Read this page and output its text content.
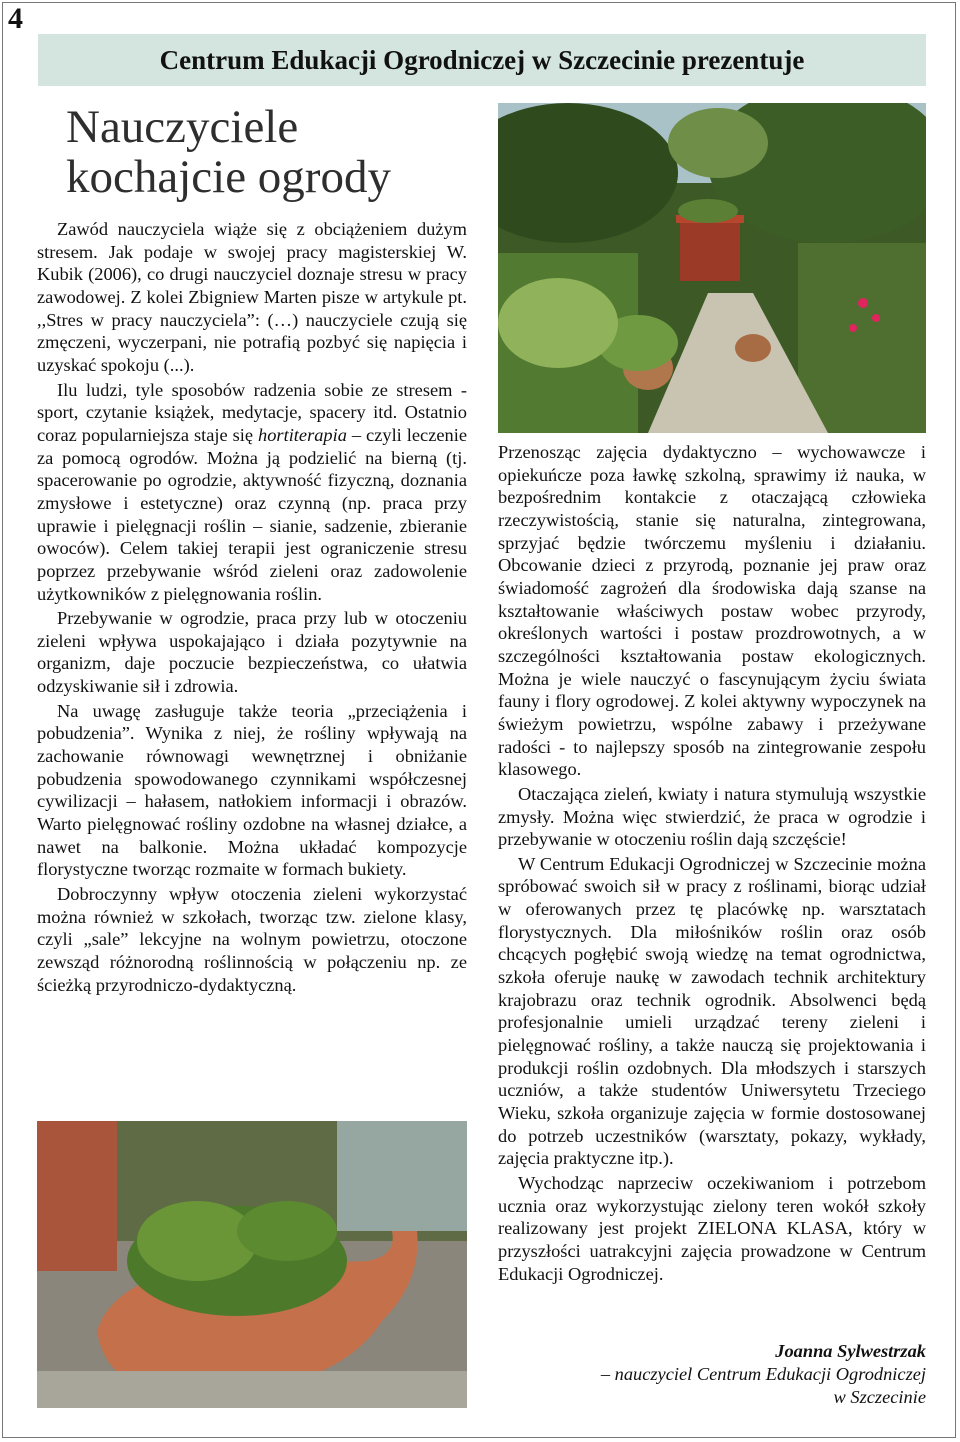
4
Centrum Edukacji Ogrodniczej w Szczecinie prezentuje
Nauczyciele
kochajcie ogrody

Zawód nauczyciela wiąże się z obciążeniem dużym stresem. Jak podaje w swojej pracy magisterskiej W. Kubik (2006), co drugi nauczyciel doznaje stresu w pracy zawodowej. Z kolei Zbigniew Marten pisze w artykule pt. ,,Stres w pracy nauczyciela”: (…) nauczyciele czują się zmęczeni, wyczerpani, nie potrafią pozbyć się napięcia i uzyskać spokoju (...).

Ilu ludzi, tyle sposobów radzenia sobie ze stresem - sport, czytanie książek, medytacje, spacery itd. Ostatnio coraz popularniejsza staje się hortiterapia – czyli leczenie za pomocą ogrodów. Można ją podzielić na bierną (tj. spacerowanie po ogrodzie, aktywność fizyczną, doznania zmysłowe i estetyczne) oraz czynną (np. praca przy uprawie i pielęgnacji roślin – sianie, sadzenie, zbieranie owoców). Celem takiej terapii jest ograniczenie stresu poprzez przebywanie wśród zieleni oraz zadowolenie użytkowników z pielęgnowania roślin.

Przebywanie w ogrodzie, praca przy lub w otoczeniu zieleni wpływa uspokajająco i działa pozytywnie na organizm, daje poczucie bezpieczeństwa, co ułatwia odzyskiwanie sił i zdrowia.

Na uwagę zasługuje także teoria „przeciążenia i pobudzenia”. Wynika z niej, że rośliny wpływają na zachowanie równowagi wewnętrznej i obniżanie pobudzenia spowodowanego czynnikami współczesnej cywilizacji – hałasem, natłokiem informacji i obrazów. Warto pielęgnować rośliny ozdobne na własnej działce, a nawet na balkonie. Można układać kompozycje florystyczne tworząc rozmaite w formach bukiety.

Dobroczynny wpływ otoczenia zieleni wykorzystać można również w szkołach, tworząc tzw. zielone klasy, czyli „sale” lekcyjne na wolnym powietrzu, otoczone zewsząd różnorodną roślinnością w połączeniu np. ze ścieżką przyrodniczo-dydaktyczną.

Przenosząc zajęcia dydaktyczno – wychowawcze i opiekuńcze poza ławkę szkolną, sprawimy iż nauka, w bezpośrednim kontakcie z otaczającą człowieka rzeczywistością, stanie się naturalna, zintegrowana, sprzyjać będzie twórczemu myśleniu i działaniu. Obcowanie dzieci z przyrodą, poznanie jej praw oraz świadomość zagrożeń dla środowiska dają szanse na kształtowanie właściwych postaw wobec przyrody, określonych wartości i postaw prozdrowotnych, a w szczególności kształtowania postaw ekologicznych. Można je wiele nauczyć o fascynującym życiu świata fauny i flory ogrodowej. Z kolei aktywny wypoczynek na świeżym powietrzu, wspólne zabawy i przeżywane radości - to najlepszy sposób na zintegrowanie zespołu klasowego.

Otaczająca zieleń, kwiaty i natura stymulują wszystkie zmysły. Można więc stwierdzić, że praca w ogrodzie i przebywanie w otoczeniu roślin dają szczęście!

W Centrum Edukacji Ogrodniczej w Szczecinie można spróbować swoich sił w pracy z roślinami, biorąc udział w oferowanych przez tę placówkę np. warsztatach florystycznych. Dla miłośników roślin oraz osób chcących pogłębić swoją wiedzę na temat ogrodnictwa, szkoła oferuje naukę w zawodach technik architektury krajobrazu oraz technik ogrodnik. Absolwenci będą profesjonalnie umieli urządzać tereny zieleni i pielęgnować rośliny, a także nauczą się projektowania i produkcji roślin ozdobnych. Dla młodszych i starszych uczniów, a także studentów Uniwersytetu Trzeciego Wieku, szkoła organizuje zajęcia w formie dostosowanej do potrzeb uczestników (warsztaty, pokazy, wykłady, zajęcia praktyczne itp.).

Wychodząc naprzeciw oczekiwaniom i potrzebom ucznia oraz wykorzystując zielony teren wokół szkoły realizowany jest projekt ZIELONA KLASA, który w przyszłości uatrakcyjni zajęcia prowadzone w Centrum Edukacji Ogrodniczej.

Joanna Sylwestrzak
– nauczyciel Centrum Edukacji Ogrodniczej
w Szczecinie
